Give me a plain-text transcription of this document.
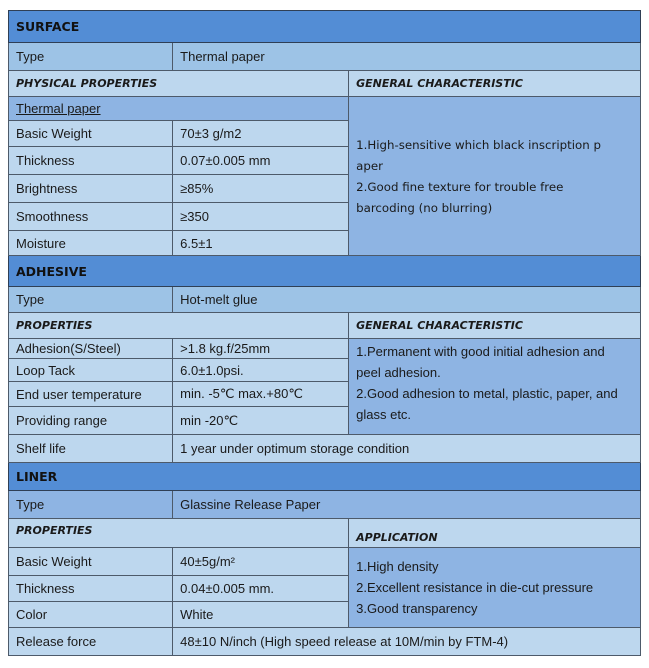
SURFACE		
Type	Thermal paper	
PHYSICAL PROPERTIES		GENERAL CHARACTERISTIC
Thermal paper		1.High-sensitive which black inscription p
aper
2.Good fine texture for trouble free
barcoding (no blurring)

Basic Weight	70±3 g/m2	
Thickness	0.07±0.005 mm	
Brightness	≥85%	
Smoothness	≥350	
Moisture	6.5±1	
ADHESIVE		
Type	Hot-melt glue	
PROPERTIES		GENERAL CHARACTERISTIC
Adhesion(S/Steel)	>1.8 kg.f/25mm	1.Permanent with good initial adhesion and
peel adhesion.
2.Good adhesion to metal, plastic, paper, and
glass etc.

Loop Tack	6.0±1.0psi.	
End user temperature	min. -5℃ max.+80℃	
Providing range	min -20℃	
Shelf life	1 year under optimum storage condition	
LINER		
Type	Glassine Release Paper	
PROPERTIES		APPLICATION
Basic Weight	40±5g/m²	1.High density
2.Excellent resistance in die-cut pressure
3.Good transparency

Thickness	0.04±0.005 mm.	
Color	White	
Release force	48±10 N/inch (High speed release at 10M/min by FTM-4)	
